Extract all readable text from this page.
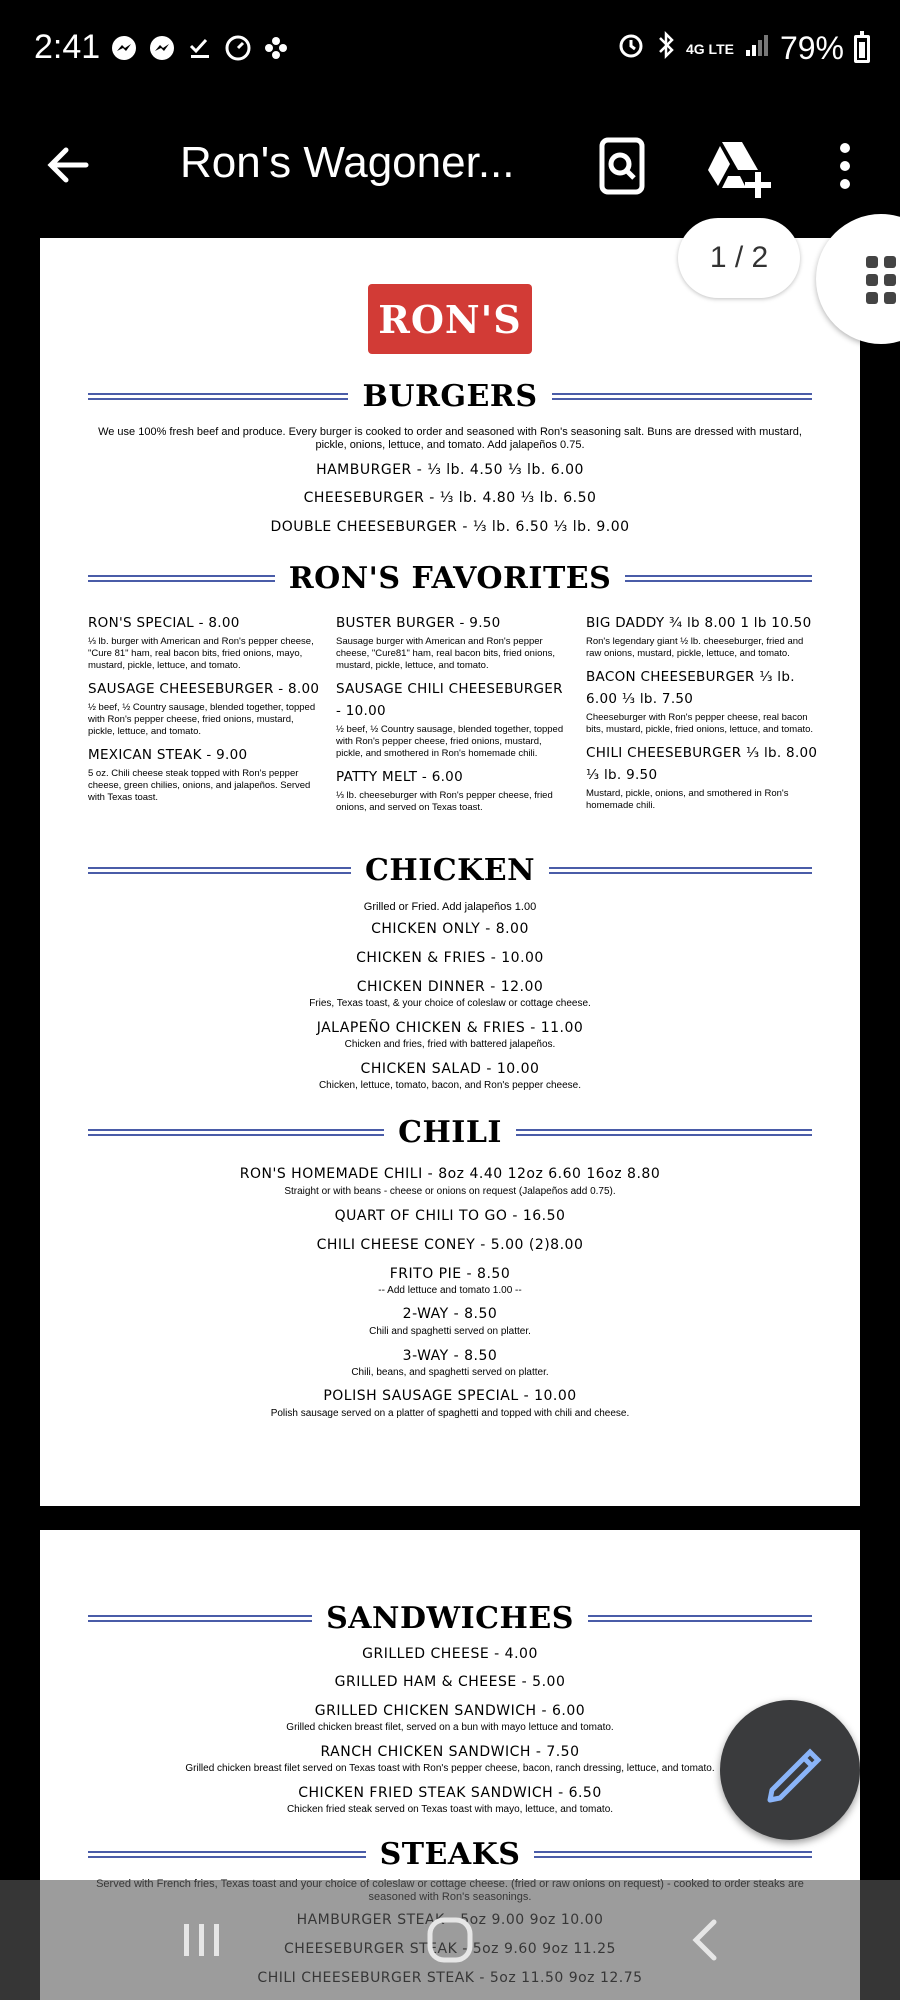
2:41	4G LTE 79%
Ron's Wagoner...
RON'S
BURGERS
We use 100% fresh beef and produce. Every burger is cooked to order and seasoned with Ron's seasoning salt. Buns are dressed with mustard, pickle, onions, lettuce, and tomato. Add jalapeños 0.75.
HAMBURGER - ⅓ lb. 4.50 ⅓ lb. 6.00
CHEESEBURGER - ⅓ lb. 4.80 ⅓ lb. 6.50
DOUBLE CHEESEBURGER - ⅓ lb. 6.50 ⅓ lb. 9.00
RON'S FAVORITES
RON'S SPECIAL - 8.00
⅓ lb. burger with American and Ron's pepper cheese, "Cure 81" ham, real bacon bits, fried onions, mayo, mustard, pickle, lettuce, and tomato.
SAUSAGE CHEESEBURGER - 8.00
½ beef, ½ Country sausage, blended together, topped with Ron's pepper cheese, fried onions, mustard, pickle, lettuce, and tomato.
MEXICAN STEAK - 9.00
5 oz. Chili cheese steak topped with Ron's pepper cheese, green chilies, onions, and jalapeños. Served with Texas toast.
BUSTER BURGER - 9.50
Sausage burger with American and Ron's pepper cheese, "Cure81" ham, real bacon bits, fried onions, mustard, pickle, lettuce, and tomato.
SAUSAGE CHILI CHEESEBURGER - 10.00
½ beef, ½ Country sausage, blended together, topped with Ron's pepper cheese, fried onions, mustard, pickle, and smothered in Ron's homemade chili.
PATTY MELT - 6.00
⅓ lb. cheeseburger with Ron's pepper cheese, fried onions, and served on Texas toast.
BIG DADDY ¾ lb 8.00 1 lb 10.50
Ron's legendary giant ½ lb. cheeseburger, fried and raw onions, mustard, pickle, lettuce, and tomato.
BACON CHEESEBURGER ⅓ lb. 6.00 ⅓ lb. 7.50
Cheeseburger with Ron's pepper cheese, real bacon bits, mustard, pickle, fried onions, lettuce, and tomato.
CHILI CHEESEBURGER ⅓ lb. 8.00 ⅓ lb. 9.50
Mustard, pickle, onions, and smothered in Ron's homemade chili.
CHICKEN
Grilled or Fried. Add jalapeños 1.00
CHICKEN ONLY - 8.00
CHICKEN & FRIES - 10.00
CHICKEN DINNER - 12.00
Fries, Texas toast, & your choice of coleslaw or cottage cheese.
JALAPEÑO CHICKEN & FRIES - 11.00
Chicken and fries, fried with battered jalapeños.
CHICKEN SALAD - 10.00
Chicken, lettuce, tomato, bacon, and Ron's pepper cheese.
CHILI
RON'S HOMEMADE CHILI - 8oz 4.40 12oz 6.60 16oz 8.80
Straight or with beans - cheese or onions on request (Jalapeños add 0.75).
QUART OF CHILI TO GO - 16.50
CHILI CHEESE CONEY - 5.00 (2)8.00
FRITO PIE - 8.50
-- Add lettuce and tomato 1.00 --
2-WAY - 8.50
Chili and spaghetti served on platter.
3-WAY - 8.50
Chili, beans, and spaghetti served on platter.
POLISH SAUSAGE SPECIAL - 10.00
Polish sausage served on a platter of spaghetti and topped with chili and cheese.
SANDWICHES
GRILLED CHEESE - 4.00
GRILLED HAM & CHEESE - 5.00
GRILLED CHICKEN SANDWICH - 6.00
Grilled chicken breast filet, served on a bun with mayo lettuce and tomato.
RANCH CHICKEN SANDWICH - 7.50
Grilled chicken breast filet served on Texas toast with Ron's pepper cheese, bacon, ranch dressing, lettuce, and tomato.
CHICKEN FRIED STEAK SANDWICH - 6.50
Chicken fried steak served on Texas toast with mayo, lettuce, and tomato.
STEAKS
1 / 2
